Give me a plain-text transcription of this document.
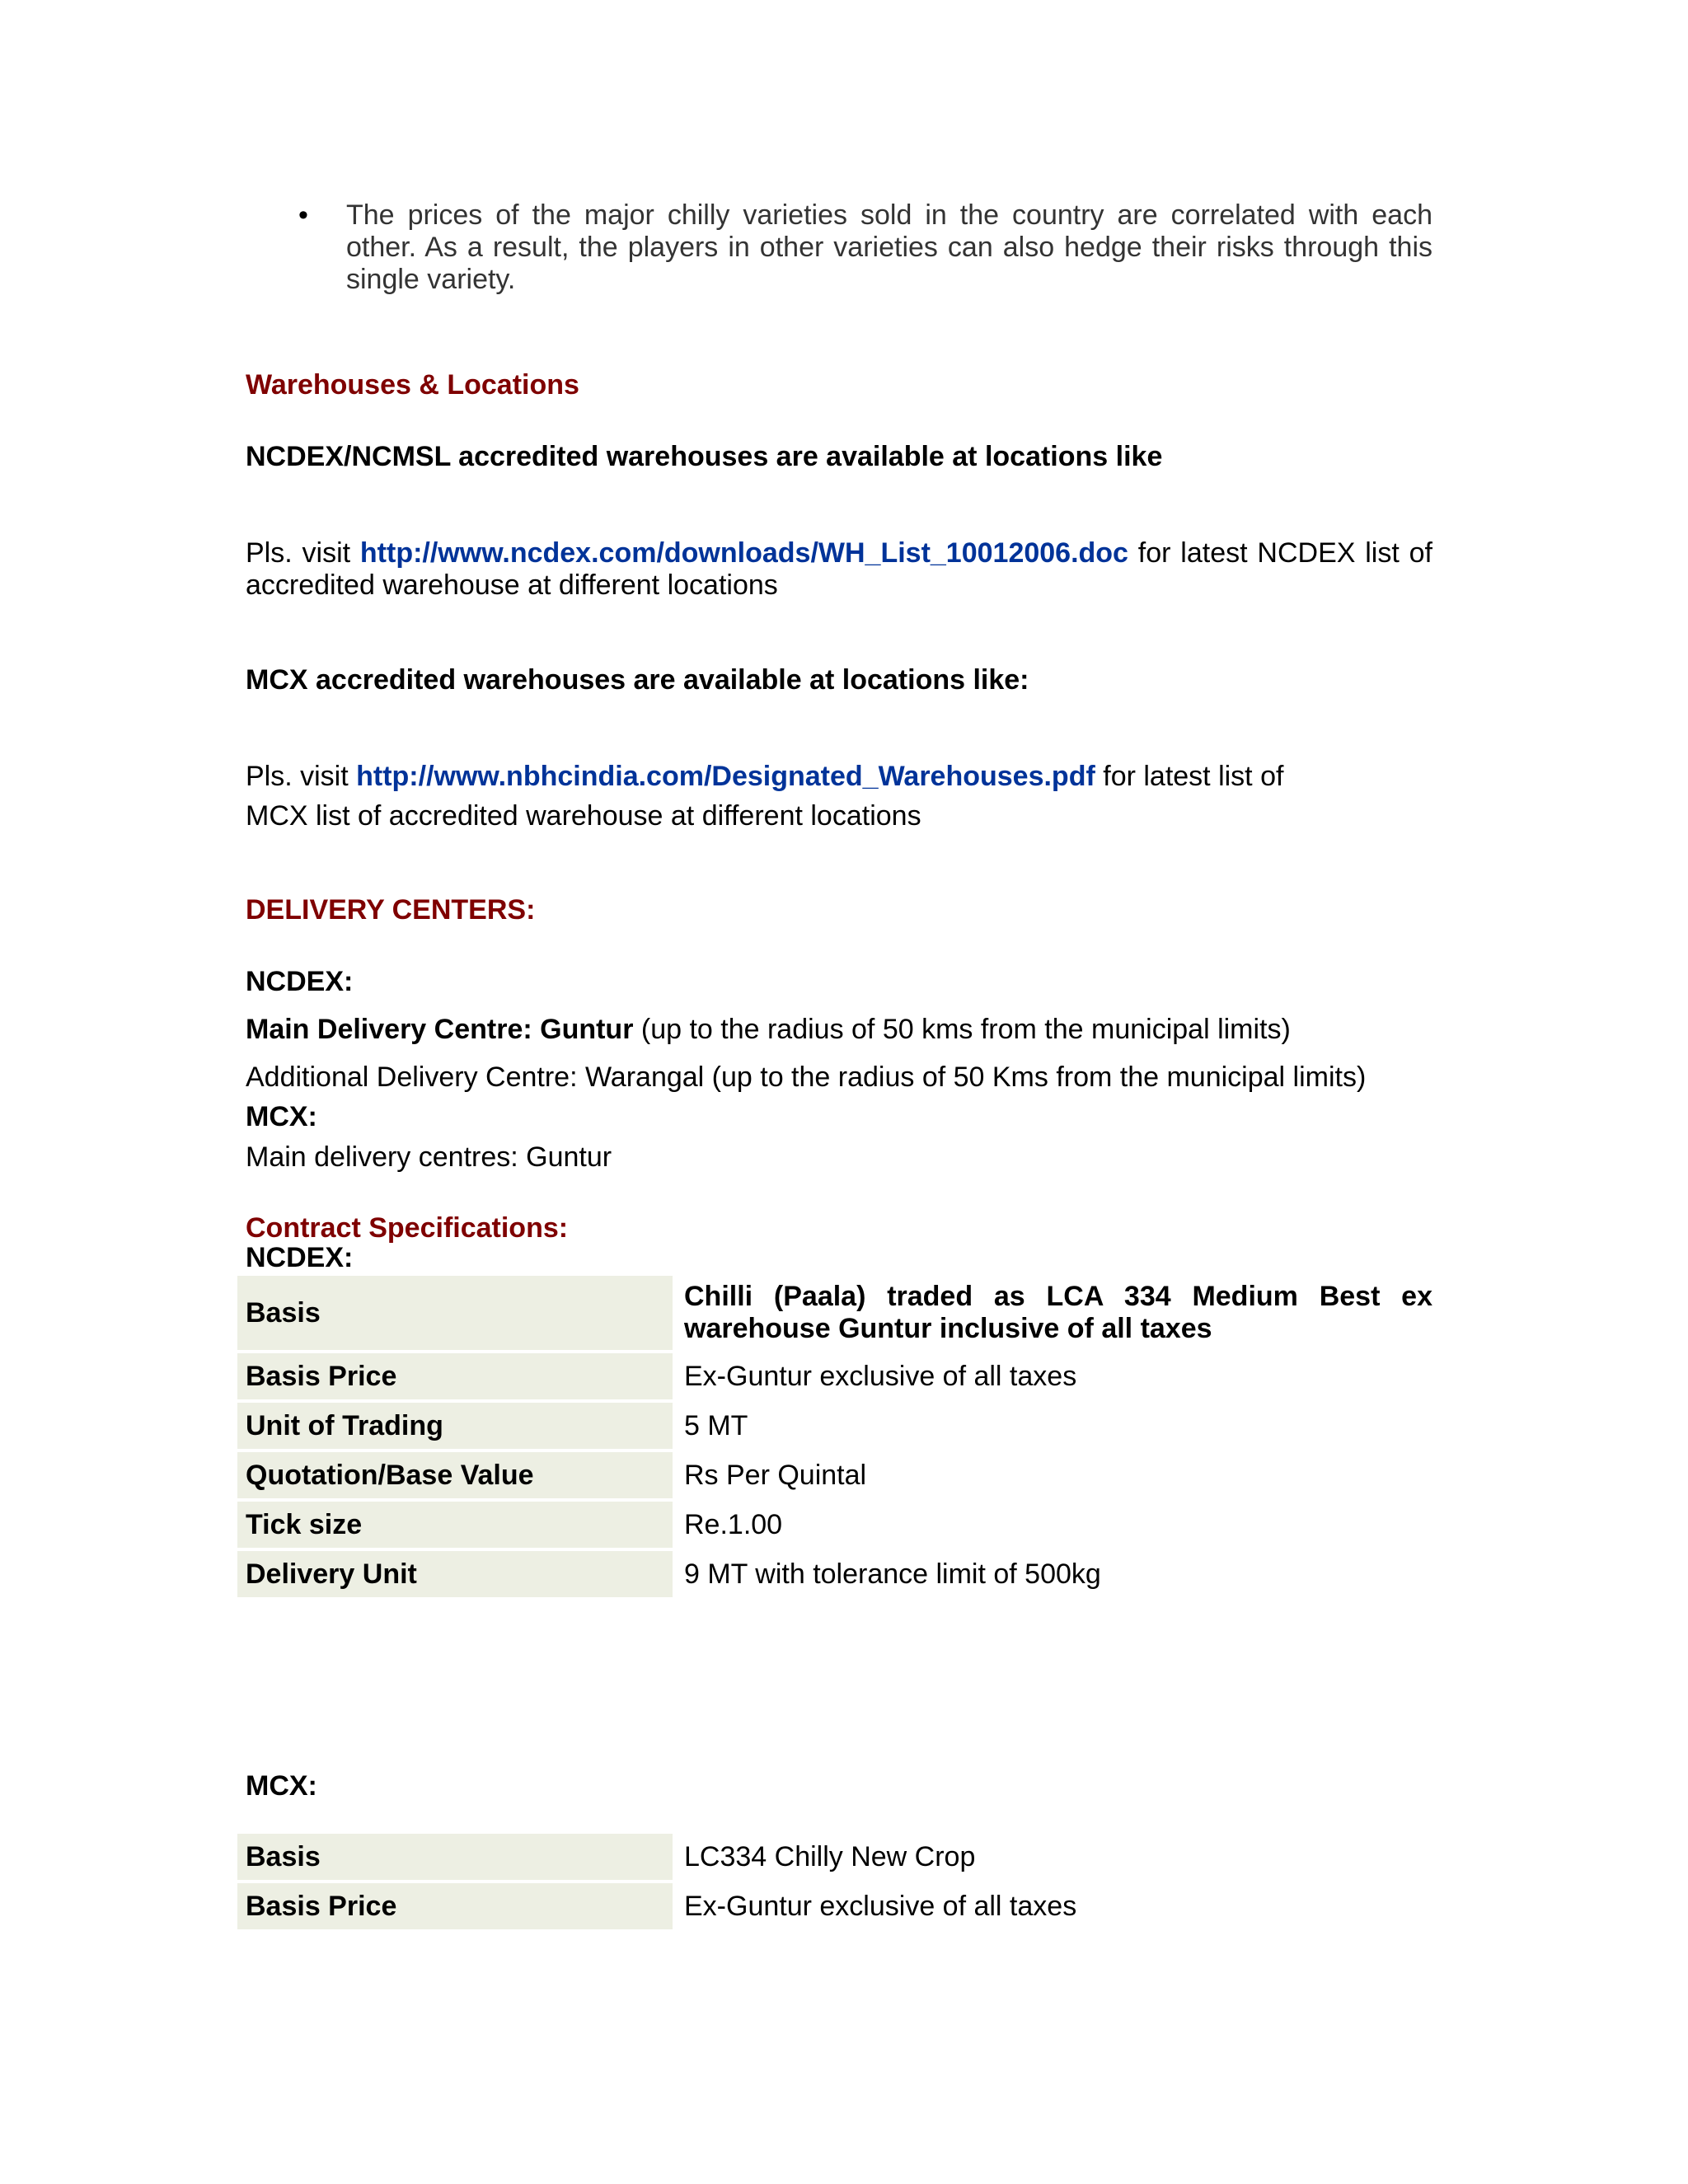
• The prices of the major chilly varieties sold in the country are correlated with each other. As a result, the players in other varieties can also hedge their risks through this single variety.
Warehouses & Locations
NCDEX/NCMSL accredited warehouses are available at locations like
Pls. visit http://www.ncdex.com/downloads/WH_List_10012006.doc for latest NCDEX list of accredited warehouse at different locations
MCX accredited warehouses are available at locations like:
Pls. visit http://www.nbhcindia.com/Designated_Warehouses.pdf for latest list of
MCX list of accredited warehouse at different locations
DELIVERY CENTERS:
NCDEX:
Main Delivery Centre: Guntur (up to the radius of 50 kms from the municipal limits)
Additional Delivery Centre: Warangal (up to the radius of 50 Kms from the municipal limits)
MCX:
Main delivery centres: Guntur
Contract Specifications:
NCDEX:
Basis	Chilli (Paala) traded as LCA 334 Medium Best ex warehouse Guntur inclusive of all taxes
Basis Price	Ex-Guntur exclusive of all taxes
Unit of Trading	5 MT
Quotation/Base Value	Rs Per Quintal
Tick size	Re.1.00
Delivery Unit	9 MT with tolerance limit of 500kg
MCX:
Basis	LC334 Chilly New Crop
Basis Price	Ex-Guntur exclusive of all taxes
